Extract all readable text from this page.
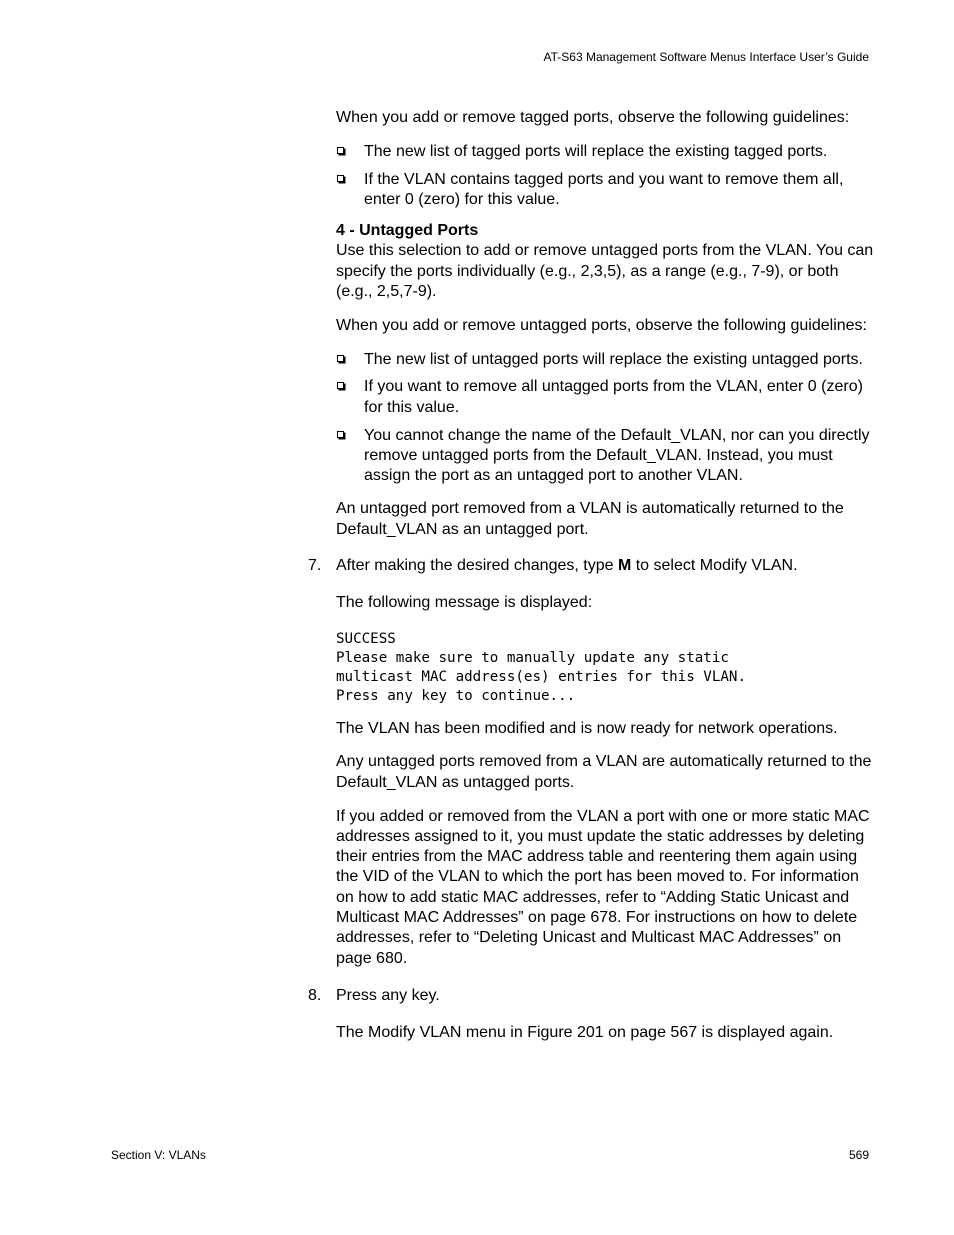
AT-S63 Management Software Menus Interface User’s Guide

When you add or remove tagged ports, observe the following guidelines:

The new list of tagged ports will replace the existing tagged ports.
If the VLAN contains tagged ports and you want to remove them all, enter 0 (zero) for this value.

4 - Untagged Ports
Use this selection to add or remove untagged ports from the VLAN. You can specify the ports individually (e.g., 2,3,5), as a range (e.g., 7-9), or both (e.g., 2,5,7-9).

When you add or remove untagged ports, observe the following guidelines:

The new list of untagged ports will replace the existing untagged ports.
If you want to remove all untagged ports from the VLAN, enter 0 (zero) for this value.
You cannot change the name of the Default_VLAN, nor can you directly remove untagged ports from the Default_VLAN. Instead, you must assign the port as an untagged port to another VLAN.

An untagged port removed from a VLAN is automatically returned to the Default_VLAN as an untagged port.

7. After making the desired changes, type M to select Modify VLAN.

The following message is displayed:

SUCCESS
Please make sure to manually update any static
multicast MAC address(es) entries for this VLAN.
Press any key to continue...

The VLAN has been modified and is now ready for network operations.

Any untagged ports removed from a VLAN are automatically returned to the Default_VLAN as untagged ports.

If you added or removed from the VLAN a port with one or more static MAC addresses assigned to it, you must update the static addresses by deleting their entries from the MAC address table and reentering them again using the VID of the VLAN to which the port has been moved to. For information on how to add static MAC addresses, refer to “Adding Static Unicast and Multicast MAC Addresses” on page 678. For instructions on how to delete addresses, refer to “Deleting Unicast and Multicast MAC Addresses” on page 680.

8. Press any key.

The Modify VLAN menu in Figure 201 on page 567 is displayed again.

Section V: VLANs	569
